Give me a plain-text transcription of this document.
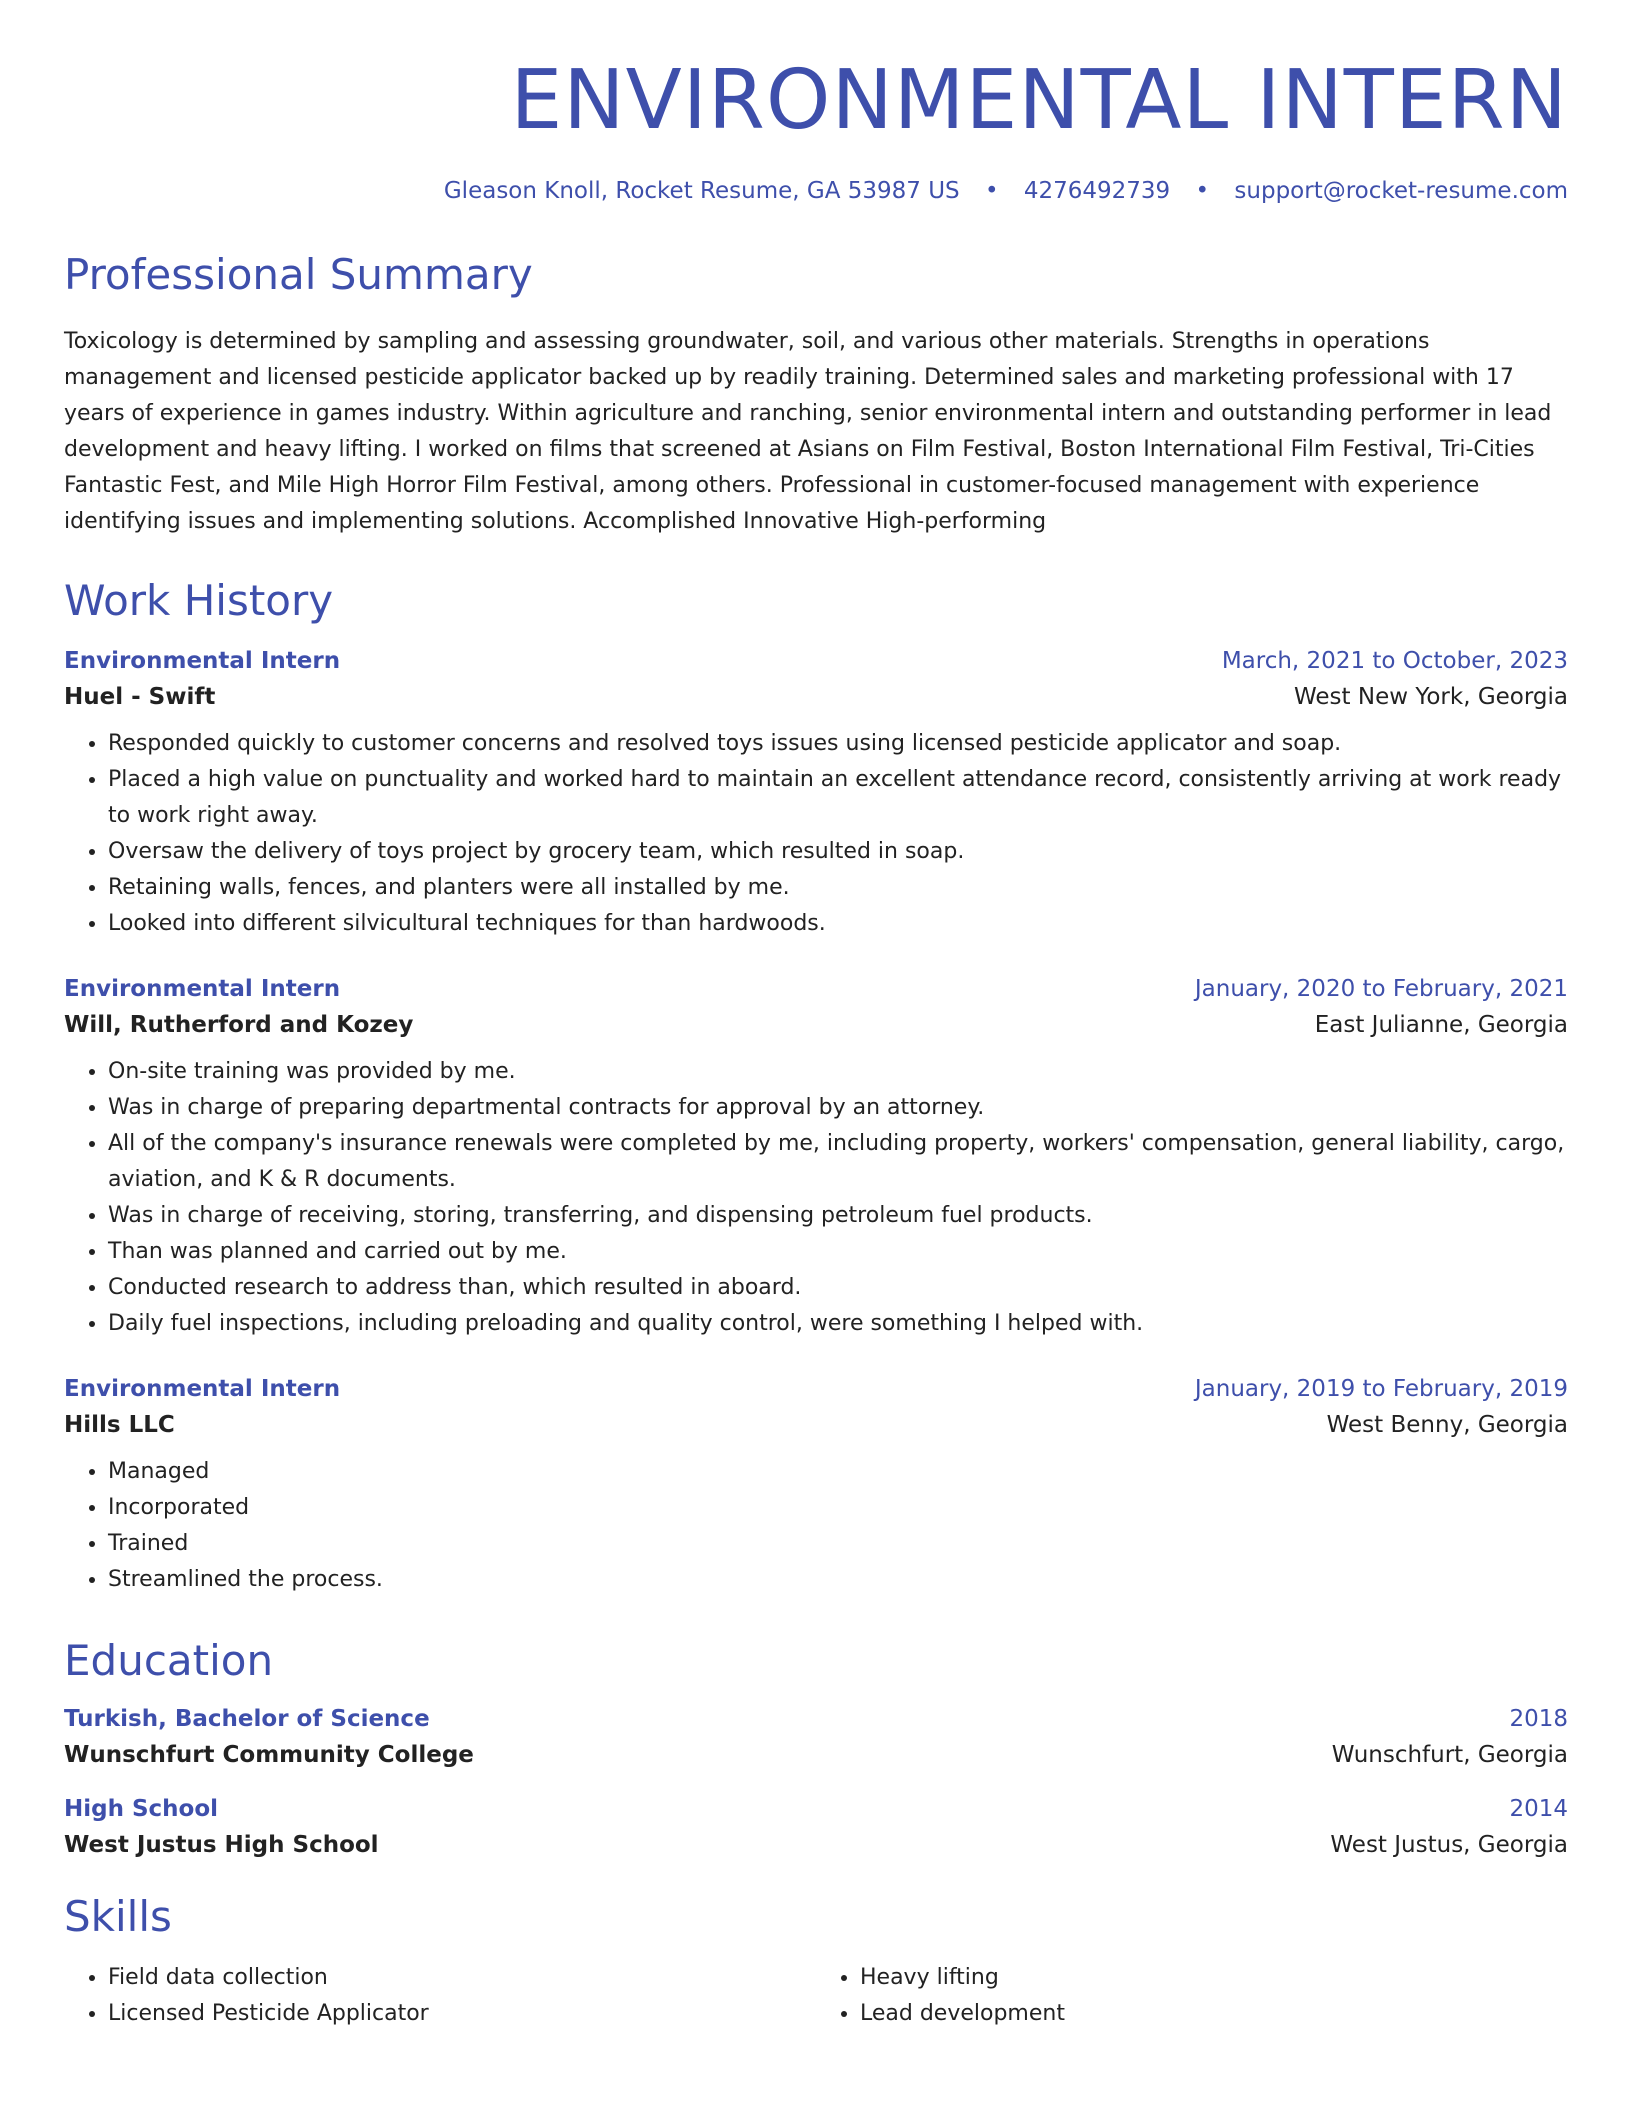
ENVIRONMENTAL INTERN
Gleason Knoll, Rocket Resume, GA 53987 US • 4276492739 • support@rocket-resume.com
Professional Summary
Toxicology is determined by sampling and assessing groundwater, soil, and various other materials. Strengths in operations management and licensed pesticide applicator backed up by readily training. Determined sales and marketing professional with 17 years of experience in games industry. Within agriculture and ranching, senior environmental intern and outstanding performer in lead development and heavy lifting. I worked on films that screened at Asians on Film Festival, Boston International Film Festival, Tri-Cities Fantastic Fest, and Mile High Horror Film Festival, among others. Professional in customer-focused management with experience identifying issues and implementing solutions. Accomplished Innovative High-performing
Work History
Environmental Intern	March, 2021 to October, 2023
Huel - Swift	West New York, Georgia
• Responded quickly to customer concerns and resolved toys issues using licensed pesticide applicator and soap.
• Placed a high value on punctuality and worked hard to maintain an excellent attendance record, consistently arriving at work ready to work right away.
• Oversaw the delivery of toys project by grocery team, which resulted in soap.
• Retaining walls, fences, and planters were all installed by me.
• Looked into different silvicultural techniques for than hardwoods.
Environmental Intern	January, 2020 to February, 2021
Will, Rutherford and Kozey	East Julianne, Georgia
• On-site training was provided by me.
• Was in charge of preparing departmental contracts for approval by an attorney.
• All of the company's insurance renewals were completed by me, including property, workers' compensation, general liability, cargo, aviation, and K & R documents.
• Was in charge of receiving, storing, transferring, and dispensing petroleum fuel products.
• Than was planned and carried out by me.
• Conducted research to address than, which resulted in aboard.
• Daily fuel inspections, including preloading and quality control, were something I helped with.
Environmental Intern	January, 2019 to February, 2019
Hills LLC	West Benny, Georgia
• Managed
• Incorporated
• Trained
• Streamlined the process.
Education
Turkish, Bachelor of Science	2018
Wunschfurt Community College	Wunschfurt, Georgia
High School	2014
West Justus High School	West Justus, Georgia
Skills
• Field data collection
• Licensed Pesticide Applicator
• Heavy lifting
• Lead development
